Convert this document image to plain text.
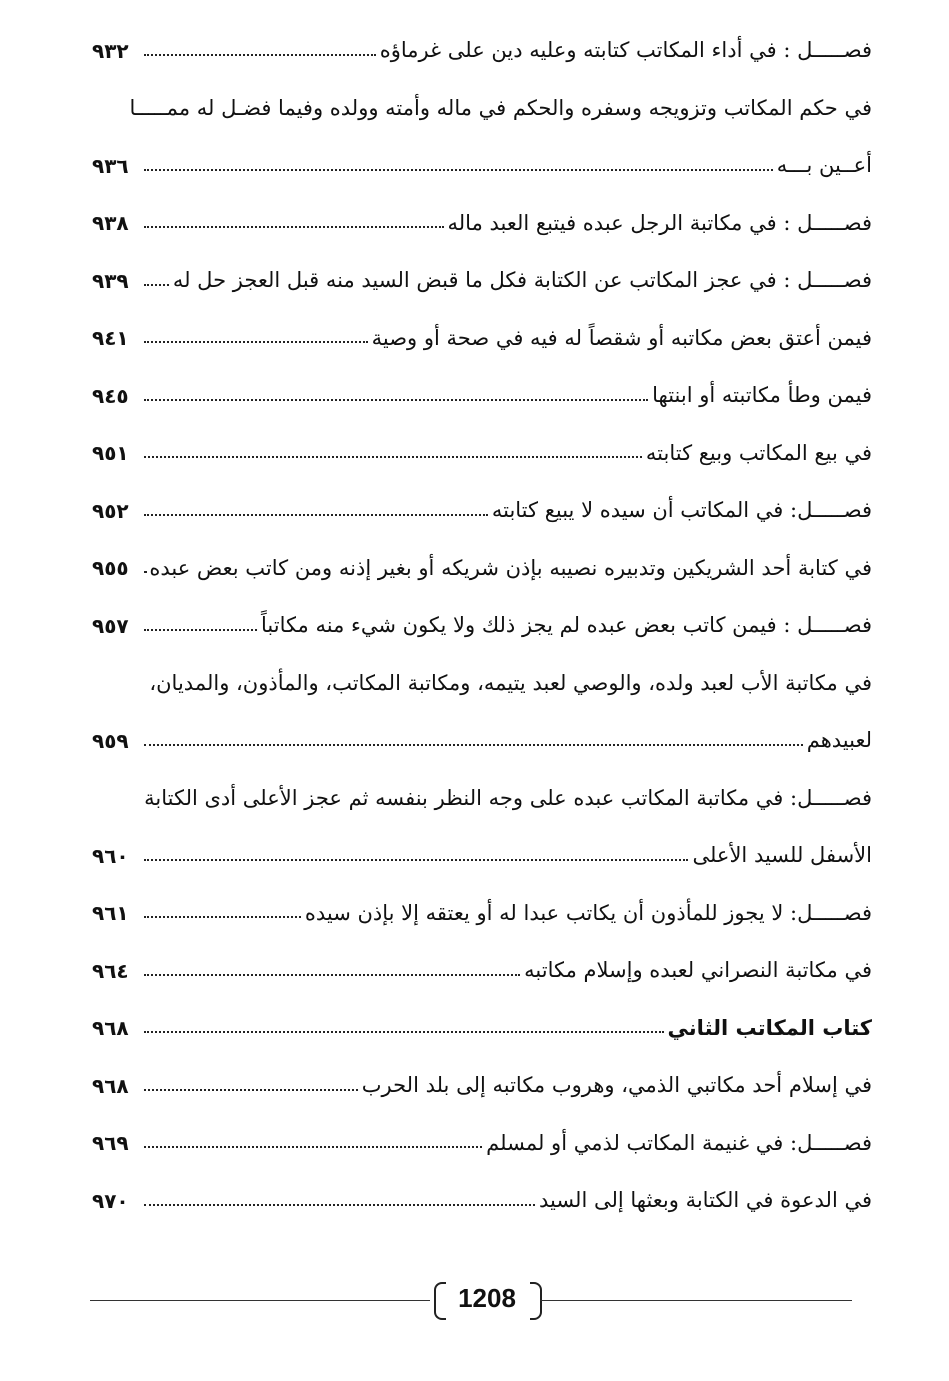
فصـــــل : في أداء المكاتب كتابته وعليه دين على غرماؤه
٩٣٢
في حكم المكاتب وتزويجه وسفره والحكم في ماله وأمته وولده وفيما فضـل له ممـــــا
أعــين بـــه
٩٣٦
فصـــــل : في مكاتبة الرجل عبده فيتبع العبد ماله
٩٣٨
فصـــــل : في عجز المكاتب عن الكتابة فكل ما قبض السيد منه قبل العجز حل له
٩٣٩
فيمن أعتق بعض مكاتبه أو شقصاً له فيه في صحة أو وصية
٩٤١
فيمن وطأ مكاتبته أو ابنتها
٩٤٥
في بيع المكاتب وبيع كتابته
٩٥١
فصـــــل: في المكاتب أن سيده لا يبيع كتابته
٩٥٢
في كتابة أحد الشريكين وتدبيره نصيبه بإذن شريكه أو بغير إذنه ومن كاتب بعض عبده
٩٥٥
فصـــــل : فيمن كاتب بعض عبده لم يجز ذلك ولا يكون شيء منه مكاتباً
٩٥٧
في مكاتبة الأب لعبد ولده، والوصي لعبد يتيمه، ومكاتبة المكاتب، والمأذون، والمديان،
لعبيدهم
٩٥٩
فصـــــل: في مكاتبة المكاتب عبده على وجه النظر بنفسه ثم عجز الأعلى أدى الكتابة
الأسفل للسيد الأعلى
٩٦٠
فصـــــل: لا يجوز للمأذون أن يكاتب عبدا له أو يعتقه إلا بإذن سيده
٩٦١
في مكاتبة النصراني لعبده وإسلام مكاتبه
٩٦٤
كتاب المكاتب الثاني
٩٦٨
في إسلام أحد مكاتبي الذمي، وهروب مكاتبه إلى بلد الحرب
٩٦٨
فصـــــل: في غنيمة المكاتب لذمي أو لمسلم
٩٦٩
في الدعوة في الكتابة وبعثها إلى السيد
٩٧٠
1208
